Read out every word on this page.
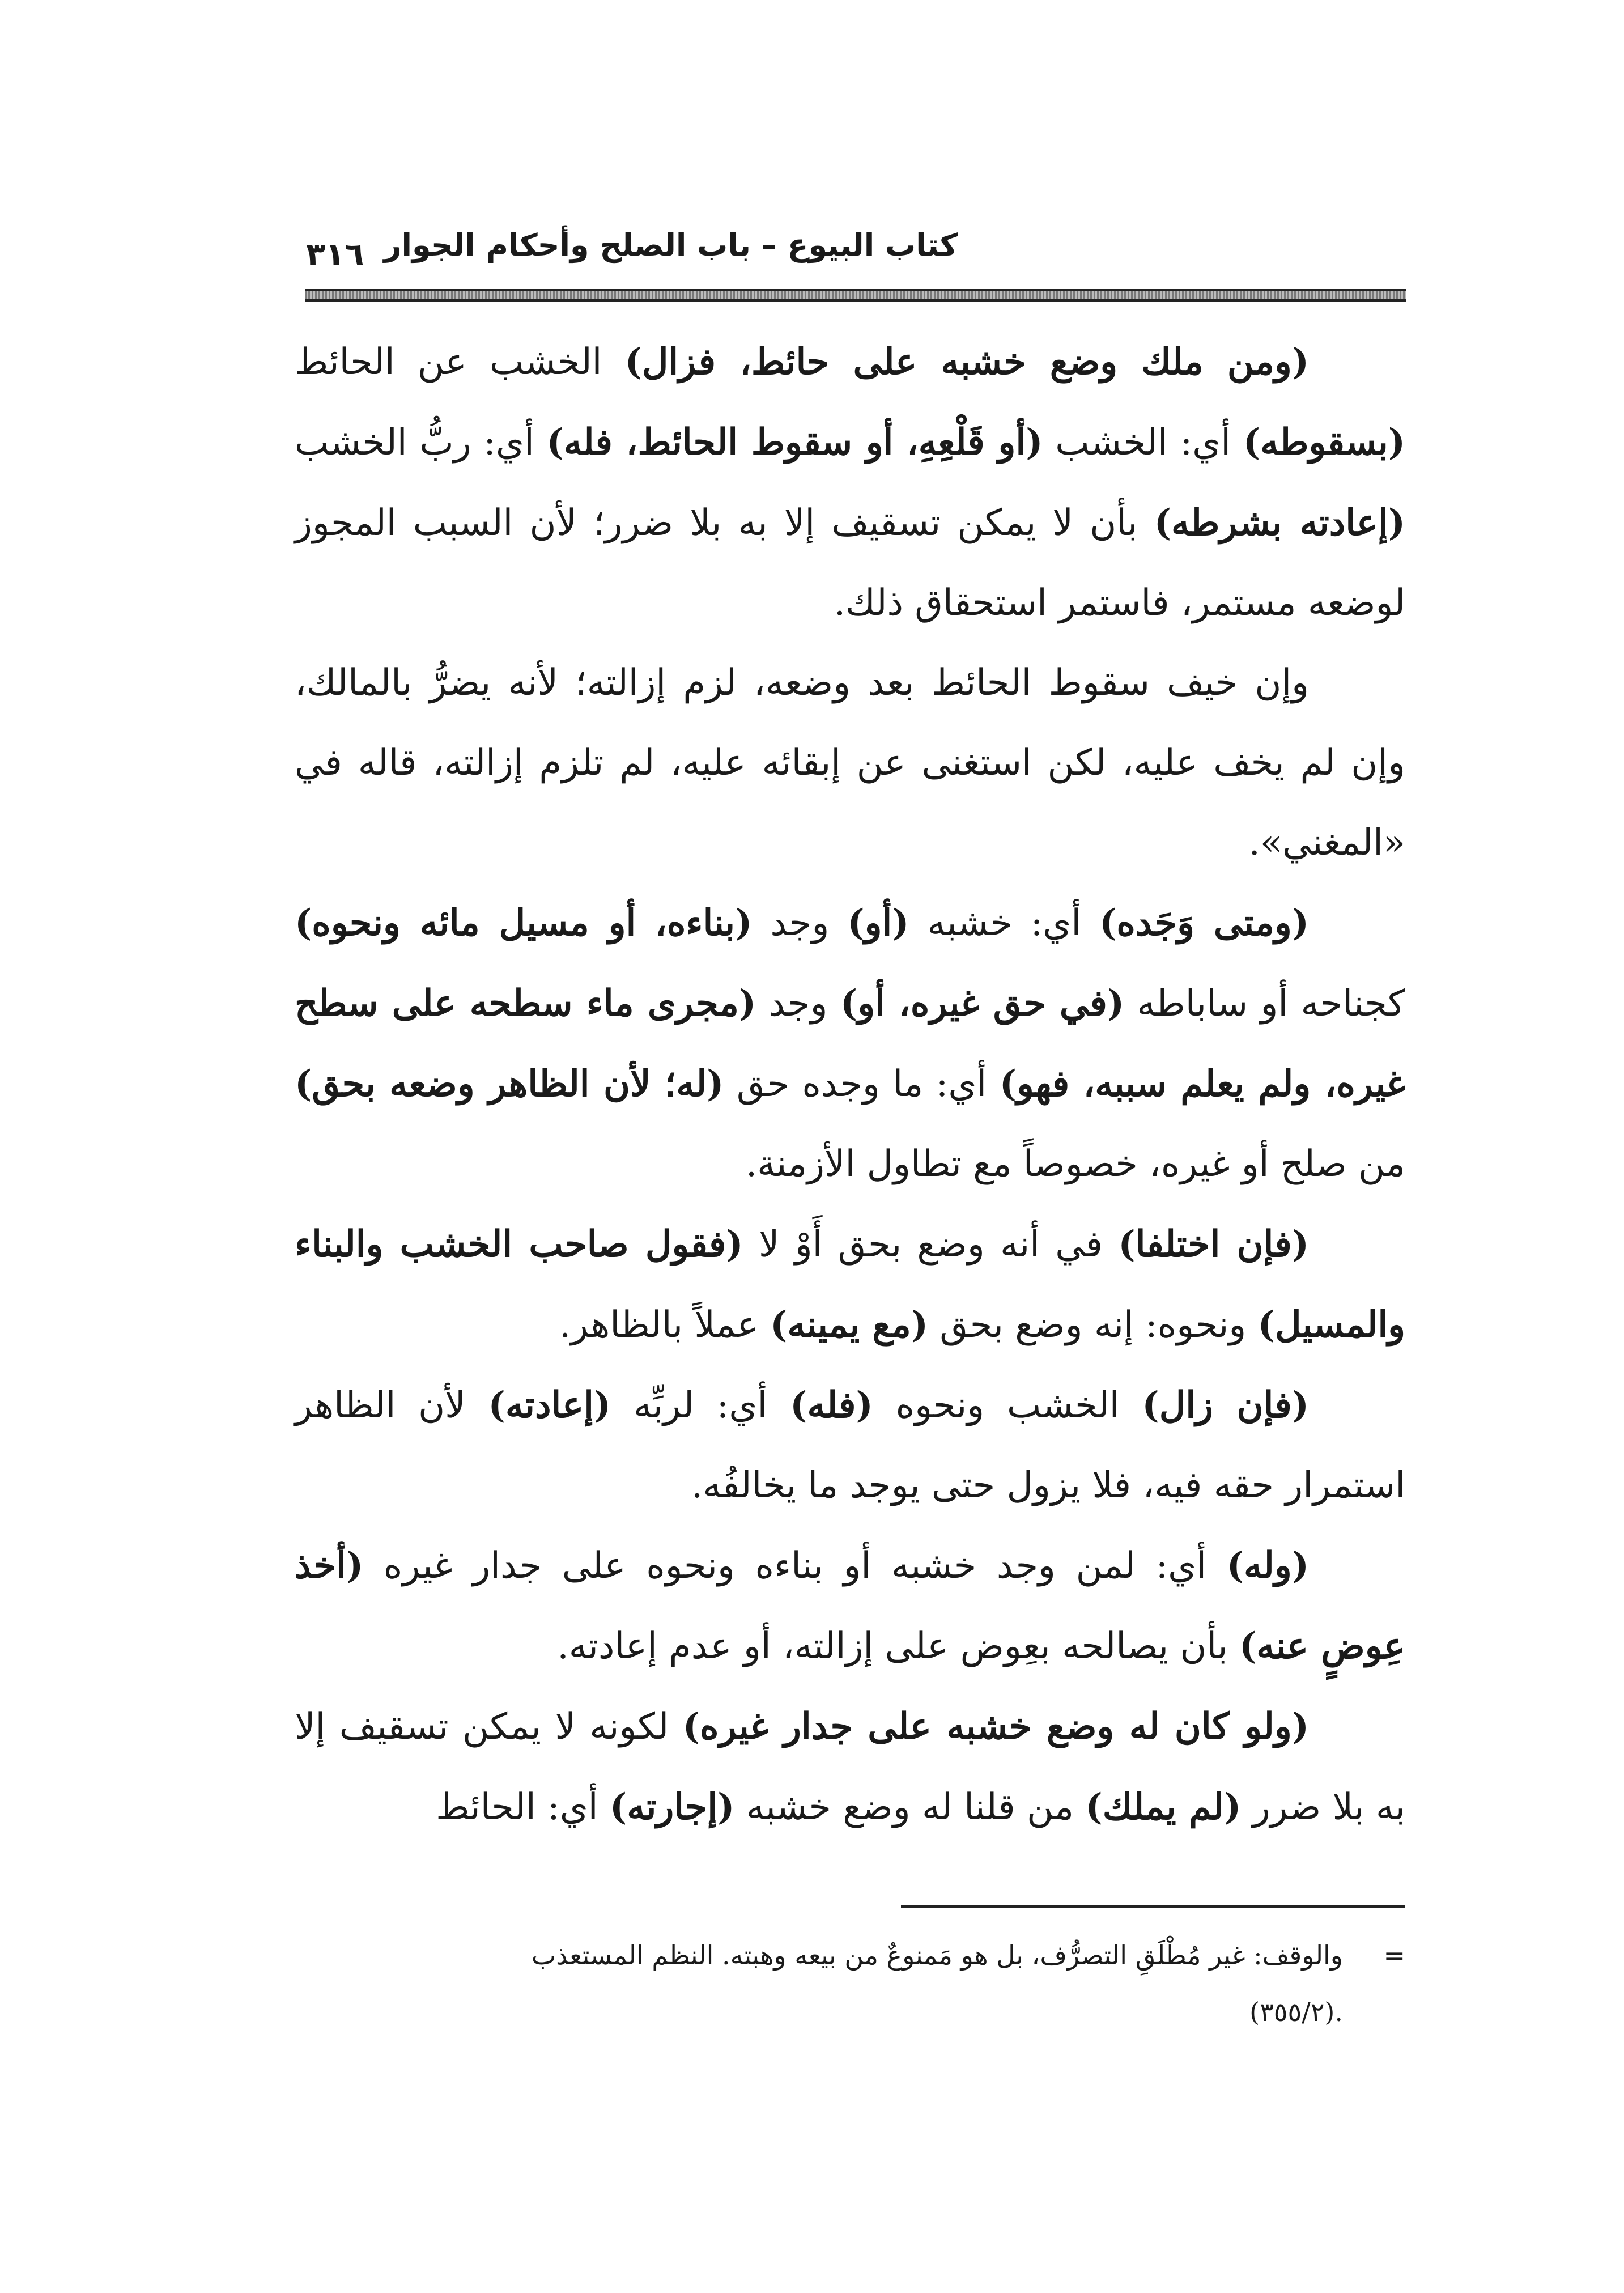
كتاب البيوع – باب الصلح وأحكام الجوار
٣١٦

(ومن ملك وضع خشبه على حائط، فزال) الخشب عن الحائط (بسقوطه) أي: الخشب (أو قَلْعِهِ، أو سقوط الحائط، فله) أي: ربُّ الخشب (إعادته بشرطه) بأن لا يمكن تسقيف إلا به بلا ضرر؛ لأن السبب المجوز لوضعه مستمر، فاستمر استحقاق ذلك.

وإن خيف سقوط الحائط بعد وضعه، لزم إزالته؛ لأنه يضرُّ بالمالك، وإن لم يخف عليه، لكن استغنى عن إبقائه عليه، لم تلزم إزالته، قاله في «المغني».

(ومتى وَجَده) أي: خشبه (أو) وجد (بناءه، أو مسيل مائه ونحوه) كجناحه أو ساباطه (في حق غيره، أو) وجد (مجرى ماء سطحه على سطح غيره، ولم يعلم سببه، فهو) أي: ما وجده حق (له؛ لأن الظاهر وضعه بحق) من صلح أو غيره، خصوصاً مع تطاول الأزمنة.

(فإن اختلفا) في أنه وضع بحق أَوْ لا (فقول صاحب الخشب والبناء والمسيل) ونحوه: إنه وضع بحق (مع يمينه) عملاً بالظاهر.

(فإن زال) الخشب ونحوه (فله) أي: لربِّه (إعادته) لأن الظاهر استمرار حقه فيه، فلا يزول حتى يوجد ما يخالفُه.

(وله) أي: لمن وجد خشبه أو بناءه ونحوه على جدار غيره (أخذ عِوضٍ عنه) بأن يصالحه بعِوض على إزالته، أو عدم إعادته.

(ولو كان له وضع خشبه على جدار غيره) لكونه لا يمكن تسقيف إلا به بلا ضرر (لم يملك) من قلنا له وضع خشبه (إجارته) أي: الحائط

=والوقف: غير مُطْلَقِ التصرُّف، بل هو مَمنوعٌ من بيعه وهبته. النظم المستعذب
.(٣٥٥/٢)
